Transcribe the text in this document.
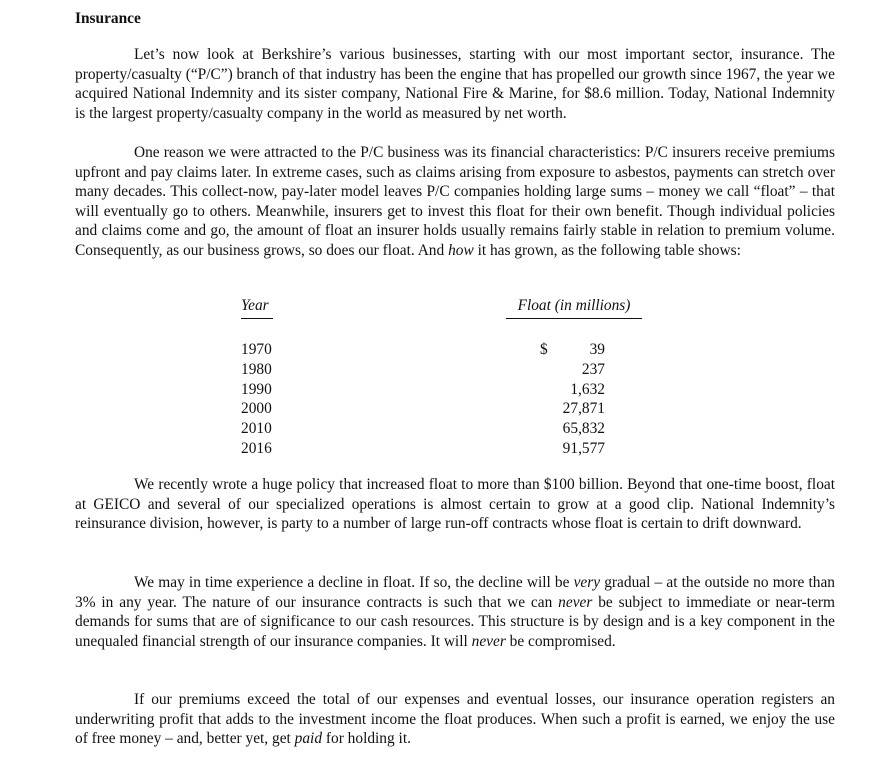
Insurance

Let’s now look at Berkshire’s various businesses, starting with our most important sector, insurance. The property/casualty (“P/C”) branch of that industry has been the engine that has propelled our growth since 1967, the year we acquired National Indemnity and its sister company, National Fire & Marine, for $8.6 million. Today, National Indemnity is the largest property/casualty company in the world as measured by net worth.

One reason we were attracted to the P/C business was its financial characteristics: P/C insurers receive premiums upfront and pay claims later. In extreme cases, such as claims arising from exposure to asbestos, payments can stretch over many decades. This collect-now, pay-later model leaves P/C companies holding large sums – money we call “float” – that will eventually go to others. Meanwhile, insurers get to invest this float for their own benefit. Though individual policies and claims come and go, the amount of float an insurer holds usually remains fairly stable in relation to premium volume. Consequently, as our business grows, so does our float. And how it has grown, as the following table shows:

Year	Float (in millions)
1970
1980
1990
2000
2010
2016
$	39
237
1,632
27,871
65,832
91,577

We recently wrote a huge policy that increased float to more than $100 billion. Beyond that one-time boost, float at GEICO and several of our specialized operations is almost certain to grow at a good clip. National Indemnity’s reinsurance division, however, is party to a number of large run-off contracts whose float is certain to drift downward.

We may in time experience a decline in float. If so, the decline will be very gradual – at the outside no more than 3% in any year. The nature of our insurance contracts is such that we can never be subject to immediate or near-term demands for sums that are of significance to our cash resources. This structure is by design and is a key component in the unequaled financial strength of our insurance companies. It will never be compromised.

If our premiums exceed the total of our expenses and eventual losses, our insurance operation registers an underwriting profit that adds to the investment income the float produces. When such a profit is earned, we enjoy the use of free money – and, better yet, get paid for holding it.
